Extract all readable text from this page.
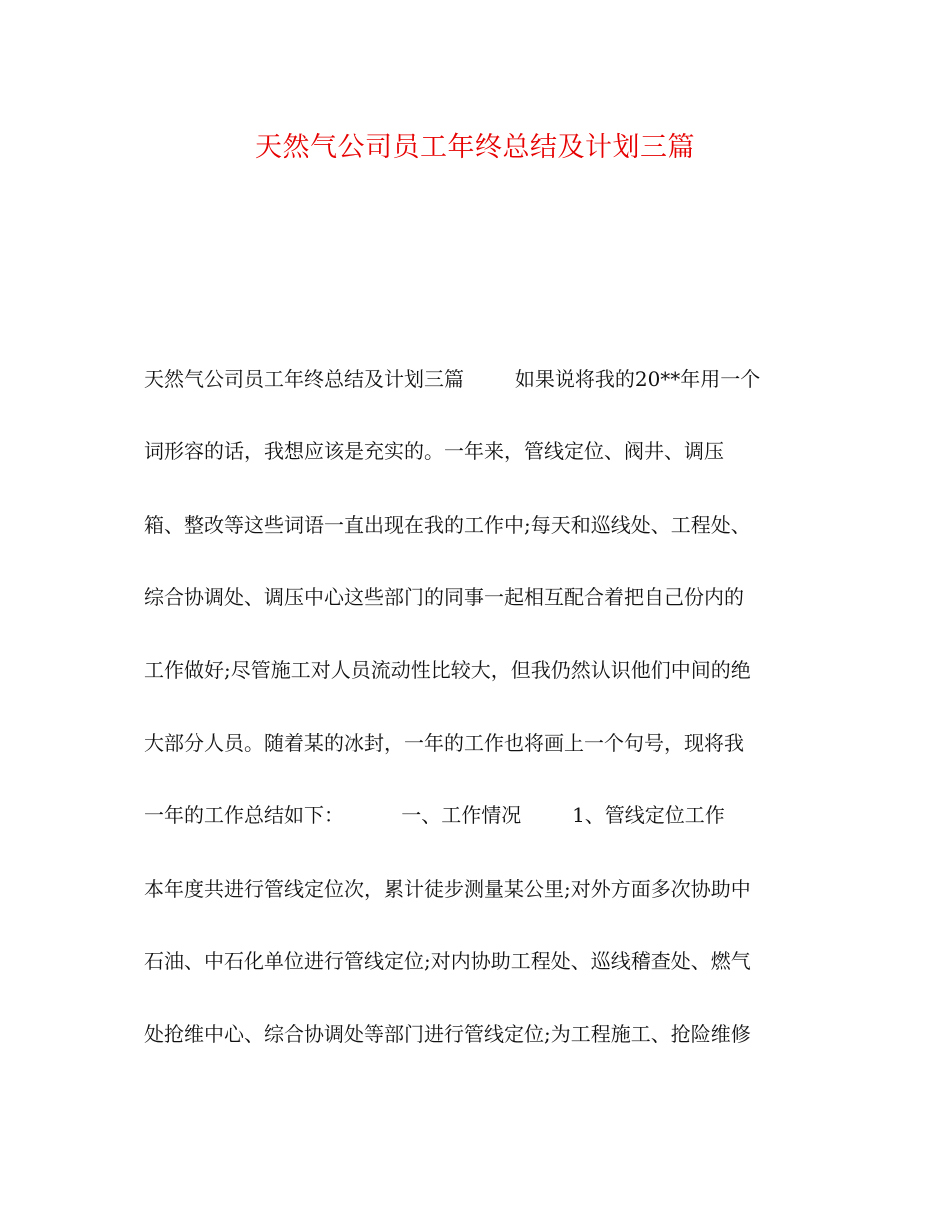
天然气公司员工年终总结及计划三篇
天然气公司员工年终总结及计划三篇        如果说将我的20**年用一个
词形容的话，我想应该是充实的。一年来，管线定位、阀井、调压
箱、整改等这些词语一直出现在我的工作中;每天和巡线处、工程处、
综合协调处、调压中心这些部门的同事一起相互配合着把自己份内的
工作做好;尽管施工对人员流动性比较大，但我仍然认识他们中间的绝
大部分人员。随着某的冰封，一年的工作也将画上一个句号，现将我
一年的工作总结如下：         一、工作情况        1、管线定位工作
本年度共进行管线定位次，累计徒步测量某公里;对外方面多次协助中
石油、中石化单位进行管线定位;对内协助工程处、巡线稽查处、燃气
处抢维中心、综合协调处等部门进行管线定位;为工程施工、抢险维修
